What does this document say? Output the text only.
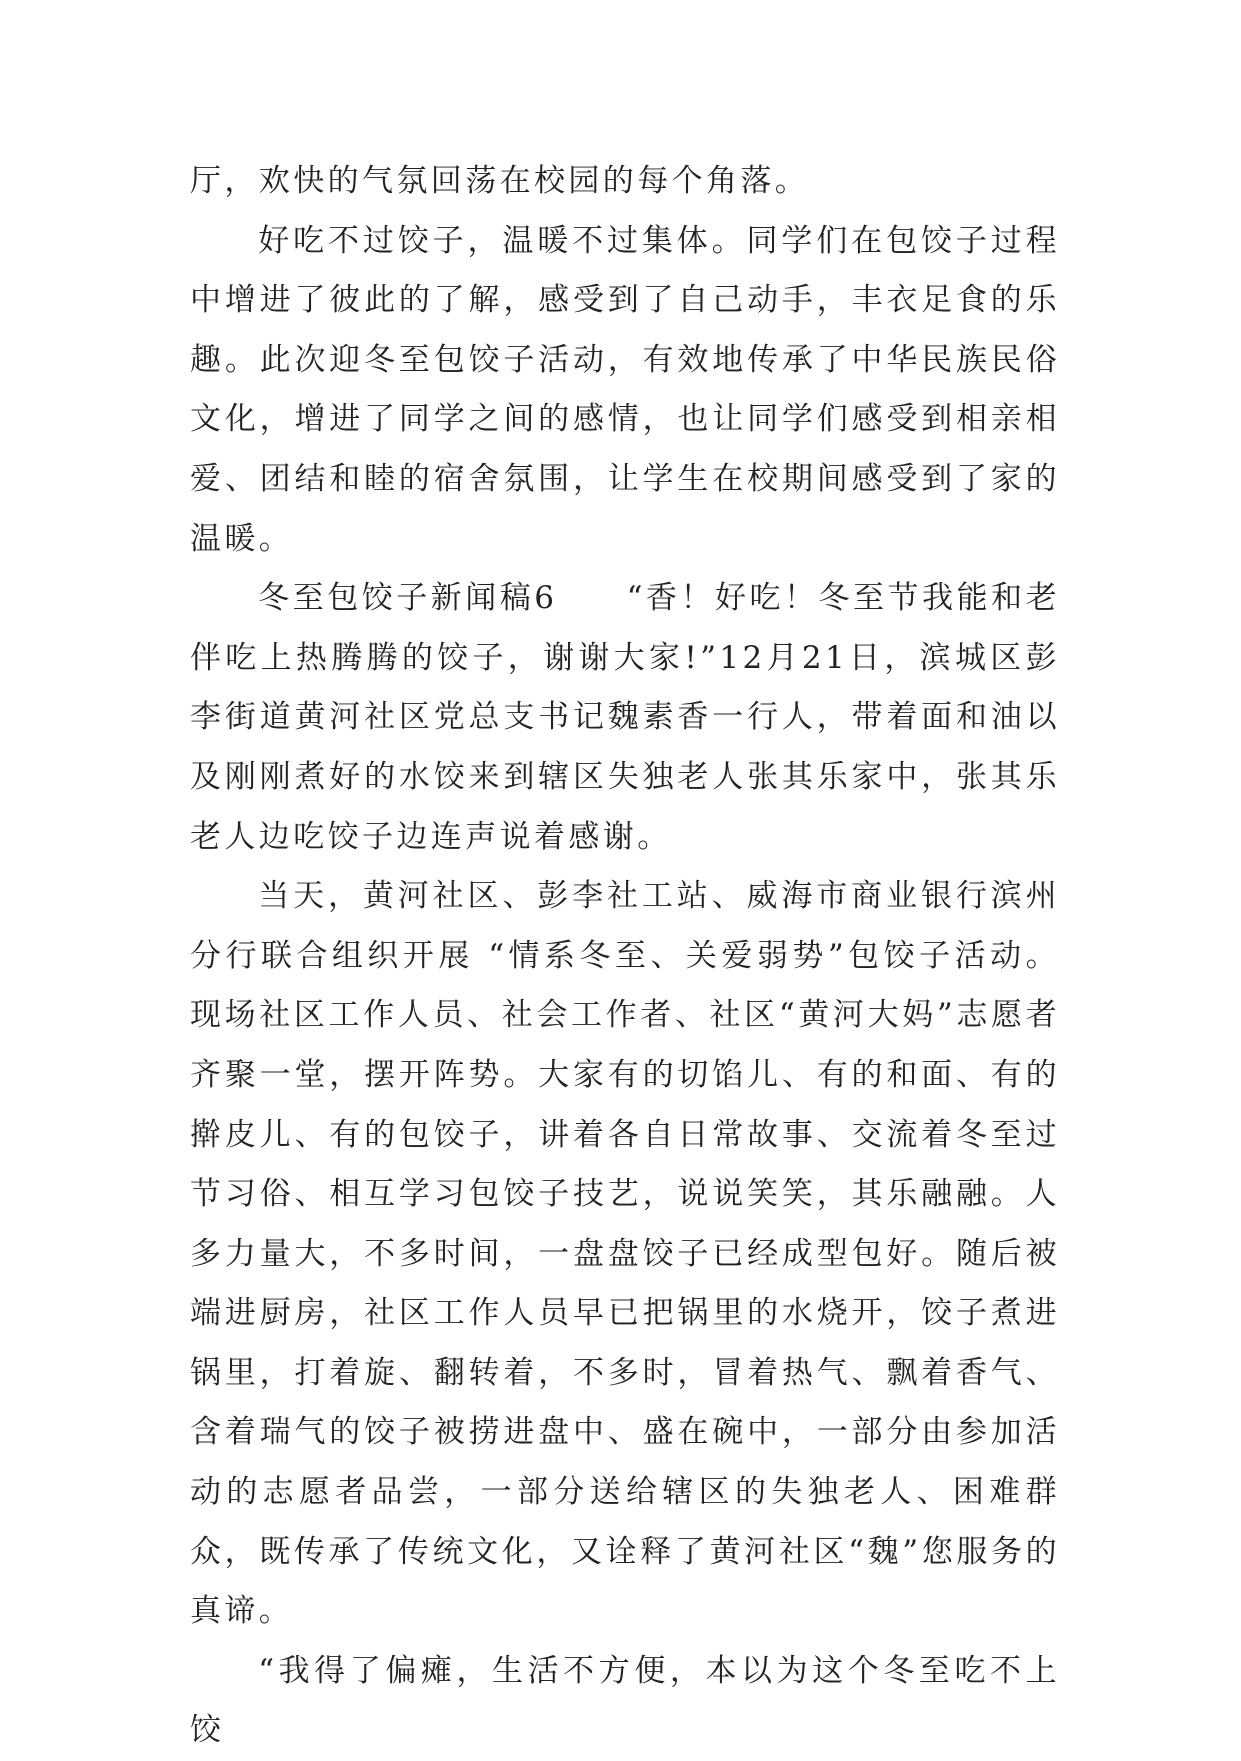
厅，欢快的气氛回荡在校园的每个角落。

好吃不过饺子，温暖不过集体。同学们在包饺子过程中增进了彼此的了解，感受到了自己动手，丰衣足食的乐趣。此次迎冬至包饺子活动，有效地传承了中华民族民俗文化，增进了同学之间的感情，也让同学们感受到相亲相爱、团结和睦的宿舍氛围，让学生在校期间感受到了家的温暖。

冬至包饺子新闻稿6　　“香！好吃！冬至节我能和老伴吃上热腾腾的饺子，谢谢大家!”12月21日，滨城区彭李街道黄河社区党总支书记魏素香一行人，带着面和油以及刚刚煮好的水饺来到辖区失独老人张其乐家中，张其乐老人边吃饺子边连声说着感谢。

当天，黄河社区、彭李社工站、威海市商业银行滨州分行联合组织开展 “情系冬至、关爱弱势”包饺子活动。现场社区工作人员、社会工作者、社区“黄河大妈”志愿者齐聚一堂，摆开阵势。大家有的切馅儿、有的和面、有的擀皮儿、有的包饺子，讲着各自日常故事、交流着冬至过节习俗、相互学习包饺子技艺，说说笑笑，其乐融融。人多力量大，不多时间，一盘盘饺子已经成型包好。随后被端进厨房，社区工作人员早已把锅里的水烧开，饺子煮进锅里，打着旋、翻转着，不多时，冒着热气、飘着香气、含着瑞气的饺子被捞进盘中、盛在碗中，一部分由参加活动的志愿者品尝，一部分送给辖区的失独老人、困难群众，既传承了传统文化，又诠释了黄河社区“魏”您服务的真谛。

“我得了偏瘫，生活不方便，本以为这个冬至吃不上饺
